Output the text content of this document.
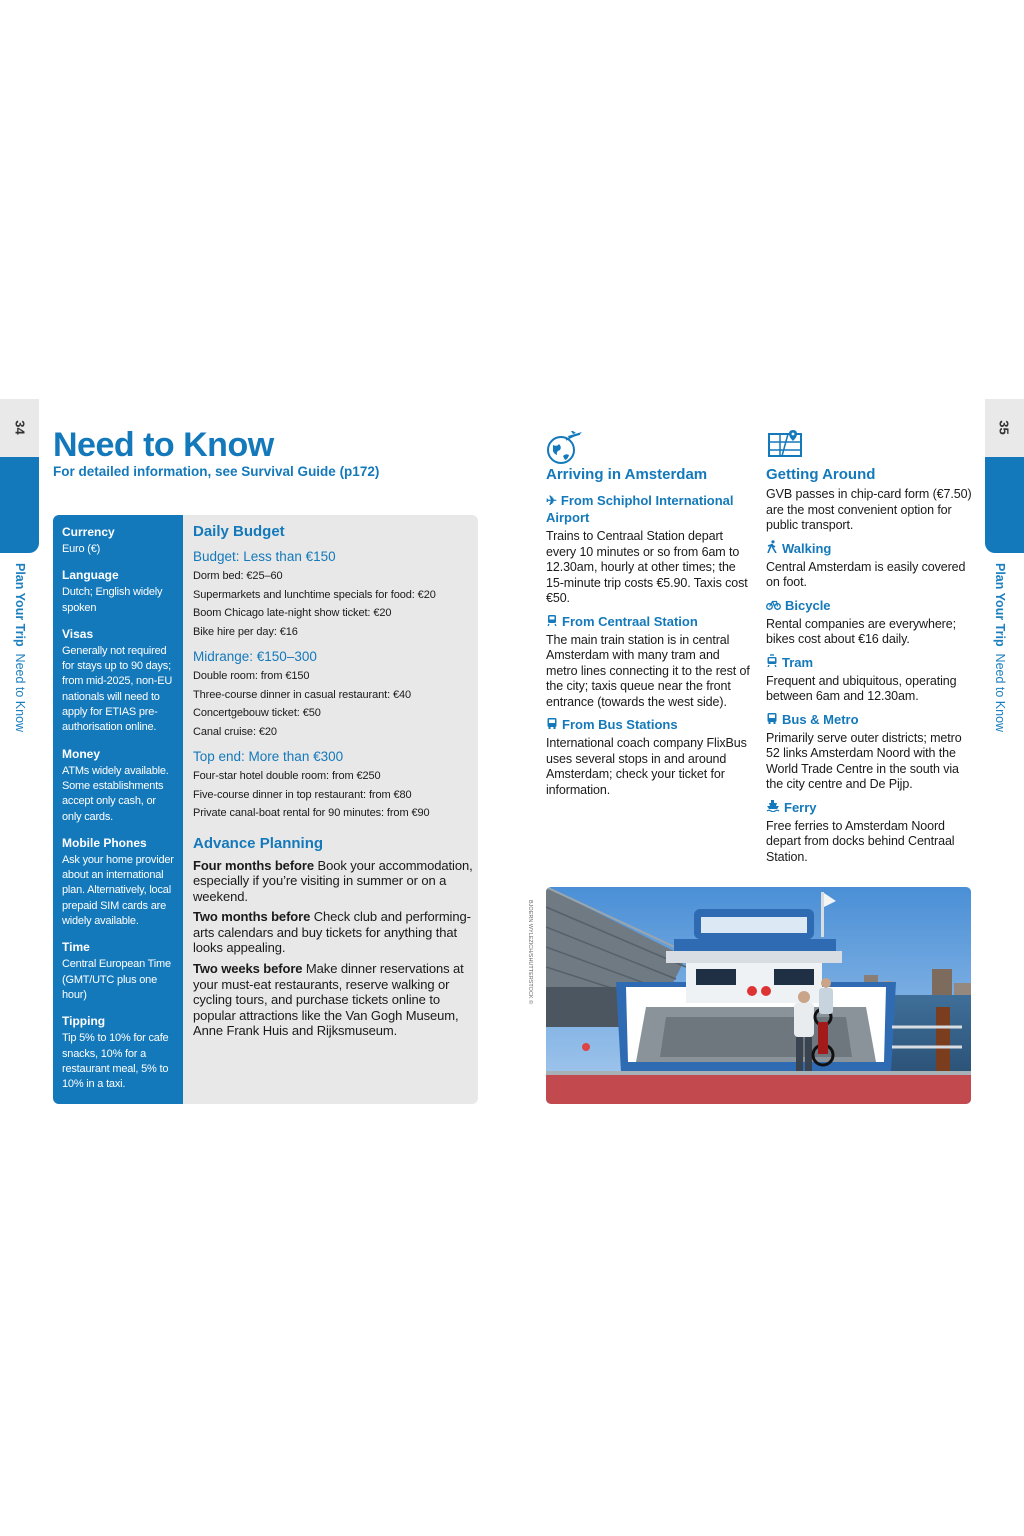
34	35
Plan Your Trip  Need to Know
Plan Your Trip  Need to Know
Need to Know
For detailed information, see Survival Guide (p172)
Currency
Euro (€)
Language
Dutch; English widely spoken
Visas
Generally not required for stays up to 90 days; from mid-2025, non-EU nationals will need to apply for ETIAS pre-authorisation online.
Money
ATMs widely available. Some establishments accept only cash, or only cards.
Mobile Phones
Ask your home provider about an international plan. Alternatively, local prepaid SIM cards are widely available.
Time
Central European Time (GMT/UTC plus one hour)
Tipping
Tip 5% to 10% for cafe snacks, 10% for a restaurant meal, 5% to 10% in a taxi.
Daily Budget
Budget: Less than €150
Dorm bed: €25–60
Supermarkets and lunchtime specials for food: €20
Boom Chicago late-night show ticket: €20
Bike hire per day: €16
Midrange: €150–300
Double room: from €150
Three-course dinner in casual restaurant: €40
Concertgebouw ticket: €50
Canal cruise: €20
Top end: More than €300
Four-star hotel double room: from €250
Five-course dinner in top restaurant: from €80
Private canal-boat rental for 90 minutes: from €90
Advance Planning

Four months before Book your accommodation, especially if you’re visiting in summer or on a weekend.

Two months before Check club and performing-arts calendars and buy tickets for anything that looks appealing.

Two weeks before Make dinner reservations at your must-eat restaurants, reserve walking or cycling tours, and purchase tickets online to popular attractions like the Van Gogh Museum, Anne Frank Huis and Rijksmuseum.

Arriving in Amsterdam
✈ From Schiphol International Airport
Trains to Centraal Station depart every 10 minutes or so from 6am to 12.30am, hourly at other times; the 15-minute trip costs €5.90. Taxis cost €50.
From Centraal Station
The main train station is in central Amsterdam with many tram and metro lines connecting it to the rest of the city; taxis queue near the front entrance (towards the west side).
From Bus Stations
International coach company FlixBus uses several stops in and around Amsterdam; check your ticket for information.
Getting Around
GVB passes in chip-card form (€7.50) are the most convenient option for public transport.
Walking
Central Amsterdam is easily covered on foot.
Bicycle
Rental companies are everywhere; bikes cost about €16 daily.
Tram
Frequent and ubiquitous, operating between 6am and 12.30am.
Bus & Metro
Primarily serve outer districts; metro 52 links Amsterdam Noord with the World Trade Centre in the south via the city centre and De Pijp.
Ferry
Free ferries to Amsterdam Noord depart from docks behind Centraal Station.
BJOERN WYLEZICH/SHUTTERSTOCK ©
